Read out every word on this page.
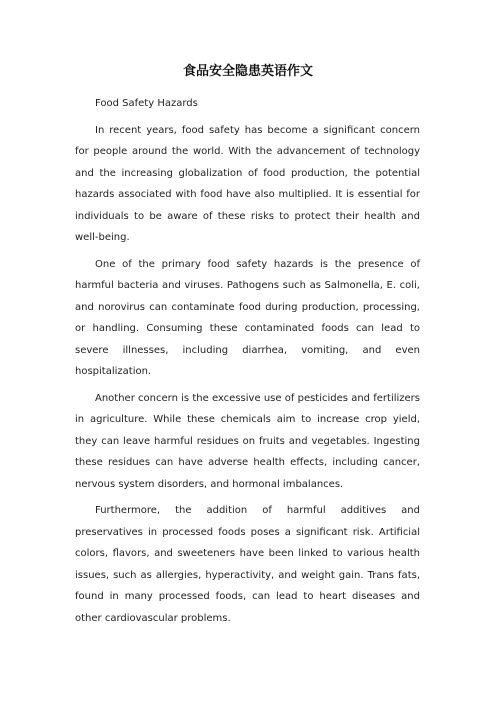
食品安全隐患英语作文

Food Safety Hazards

In recent years, food safety has become a significant concern for people around the world. With the advancement of technology and the increasing globalization of food production, the potential hazards associated with food have also multiplied. It is essential for individuals to be aware of these risks to protect their health and well-being.

One of the primary food safety hazards is the presence of harmful bacteria and viruses. Pathogens such as Salmonella, E. coli, and norovirus can contaminate food during production, processing, or handling. Consuming these contaminated foods can lead to severe illnesses, including diarrhea, vomiting, and even hospitalization.

Another concern is the excessive use of pesticides and fertilizers in agriculture. While these chemicals aim to increase crop yield, they can leave harmful residues on fruits and vegetables. Ingesting these residues can have adverse health effects, including cancer, nervous system disorders, and hormonal imbalances.

Furthermore, the addition of harmful additives and preservatives in processed foods poses a significant risk. Artificial colors, flavors, and sweeteners have been linked to various health issues, such as allergies, hyperactivity, and weight gain. Trans fats, found in many processed foods, can lead to heart diseases and other cardiovascular problems.
